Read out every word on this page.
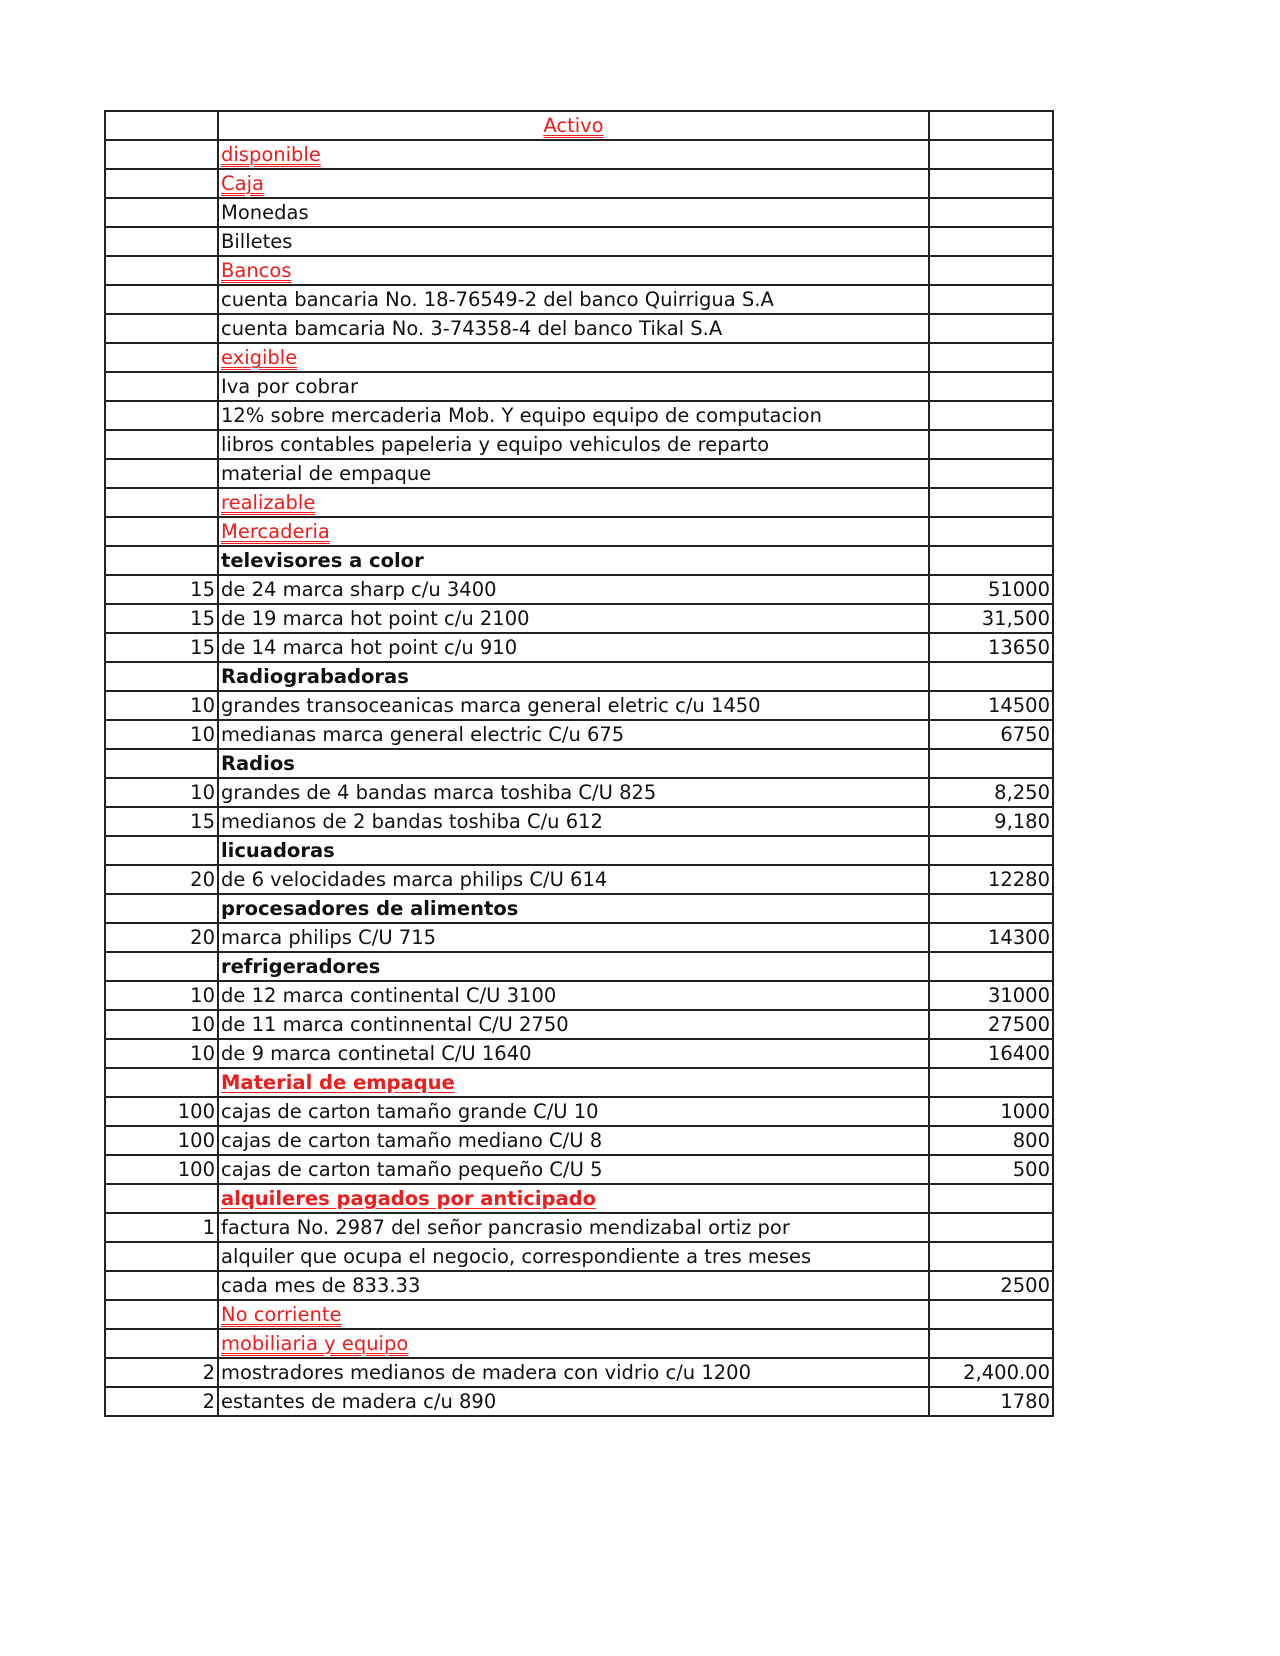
	Activo	
	disponible	
	Caja	
	Monedas	
	Billetes	
	Bancos	
	cuenta bancaria No. 18-76549-2 del banco Quirrigua S.A	
	cuenta bamcaria No. 3-74358-4 del banco Tikal S.A	
	exigible	
	Iva por cobrar	
	12% sobre mercaderia Mob. Y equipo equipo de computacion	
	libros contables papeleria y equipo vehiculos de reparto	
	material de empaque	
	realizable	
	Mercaderia	
	televisores a color	
15	de 24 marca sharp c/u 3400	51000
15	de 19 marca hot point c/u 2100	31,500
15	de 14 marca hot point c/u 910	13650
	Radiograbadoras	
10	grandes transoceanicas marca general eletric c/u 1450	14500
10	medianas marca general electric C/u 675	6750
	Radios	
10	grandes de 4 bandas marca toshiba C/U 825	8,250
15	medianos de 2 bandas toshiba C/u 612	9,180
	licuadoras	
20	de 6 velocidades marca philips C/U 614	12280
	procesadores de alimentos	
20	marca philips C/U 715	14300
	refrigeradores	
10	de 12 marca continental C/U 3100	31000
10	de 11 marca continnental C/U 2750	27500
10	de 9 marca continetal C/U 1640	16400
	Material de empaque	
100	cajas de carton tamaño grande C/U 10	1000
100	cajas de carton tamaño mediano C/U 8	800
100	cajas de carton tamaño pequeño C/U 5	500
	alquileres pagados por anticipado	
1	factura No. 2987 del señor pancrasio mendizabal ortiz por	
	alquiler que ocupa el negocio, correspondiente a tres meses	
	cada mes de 833.33	2500
	No corriente	
	mobiliaria y equipo	
2	mostradores medianos de madera con vidrio c/u 1200	2,400.00
2	estantes de madera c/u 890	1780
